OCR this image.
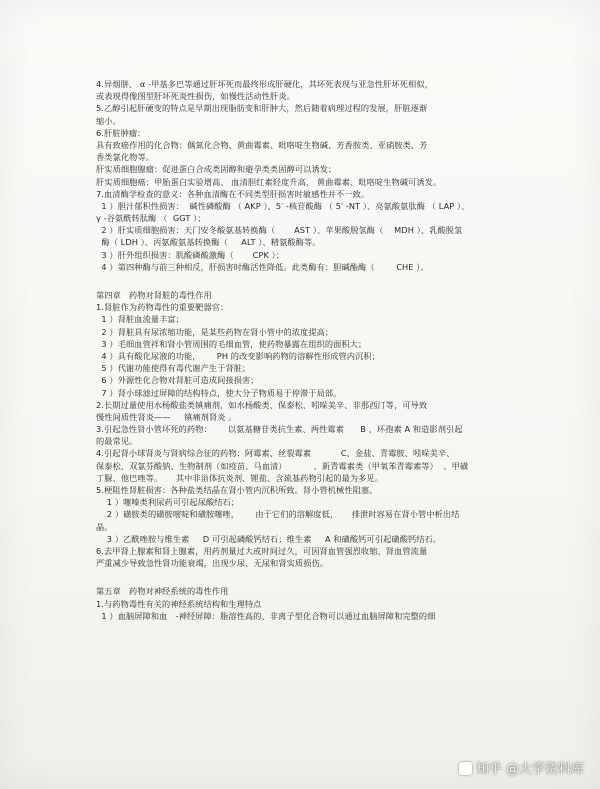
4.异烟肼、 α -甲基多巴等通过肝坏死而最终形成肝硬化，其坏死表现与亚急性肝坏死相似，
或表现得像图型肝坏死炎性损伤，如慢性活动性肝炎。
5.乙醇引起肝硬变的特点是早期出现脂肪变和肝肿大，然后随着病理过程的发展，肝脏逐渐
缩小。
6.肝脏肿瘤：
具有致癌作用的化合物：偶氮化合物、黄曲霉素、吡咯啶生物碱、芳香胺类、亚硝胺类、芳
香类氯化物等。
肝实质细胞腺瘤：促进蛋白合成类固醇和避孕类类固醇可以诱发；
肝实质细胞癌：甲胎蛋白实验增高、 血清胆红素轻度升高， 黄曲霉素、吡咯啶生物碱可诱发。
7.血清酶学检查的意义：各种血清酶在不同类型肝损害时敏感性并不一致。
1 ）胆汁郁积性损害：  碱性磷酸酶 （ AKP ）、5′ -核苷酸酶 （ 5′ -NT ）、亮氨酸氨肽酶 （ LAP ）、
γ -谷氨酰转肽酶 （  GGT ）；
2 ）肝实质细胞损害：天门安冬酸氨基转换酶（       AST ）、苹果酸脱氢酶（    MDH ）、乳酸脱氢
酶（ LDH ）、丙氨酸氨基转换酶（     ALT ）、精氨酸酶等。
3 ）肝外组织损害：肌酸磷酸激酶（       CPK ）；
4 ）第四种酶与前三种相反，肝损害时酶活性降低。此类酶有：胆碱酯酶（        CHE ）。
第四章   药物对肾脏的毒性作用
1.肾脏作为药物毒性的重要靶器官：
1 ）肾脏血流量丰富；
2 ）肾脏具有尿浓缩功能，是某些药物在肾小管中的浓度提高；
3 ）毛细血管祥和肾小管周围的毛细血管，使药物暴露在组织的面积大；
4 ）具有酸化尿液的功能，      PH 的改变影响药物的溶解性形成管内沉积；
5 ）代谢功能使得有毒代谢产生于肾脏；
6 ）外源性化合物对肾脏可造成间接损害；
7 ）肾小球滤过屏障的结构特点，使大分子物质易于停滞于局部。
2.长期过量使用水杨酸盐类镇痛剂，如水杨酸类、保泰松、吲哚美辛、非那西汀等，可导致
慢性间质性肾炎——     镇痛剂肾炎 。
3.引起急性肾小管坏死的药物：      以氨基糖苷类抗生素、两性霉素      B 、环孢素 A 和造影剂引起
的最常见。
4.引起肾小球肾炎与肾病综合征的药物：阿霉素、丝裂霉素           C、金盐、青霉胺、吲哚美辛、
保泰松、双氯芬酸钠、生物制剂（如疫苗、马血清）          、新青霉素类（甲氧苯青霉素等）  、甲磺
丁脲、他巴唑等。     其中非甾体抗炎剂、锂盐、含巯基药物引起的最为多见。
5.梗阻性肾脏损害：各种盐类结晶在肾小管内沉积所致。肾小管机械性阻塞。
1 ）噻嗪类利尿药可引起尿酸结石；
2 ）磺胺类的磺胺嘧啶和磺胺噻唑，      由于它们的溶解度低，     排泄时容易在肾小管中析出结
晶。
3 ）乙酰唑胺与维生素     D 可引起磷酸钙结石；维生素     A 和磺酸钙可引起磺酸钙结石。
6.去甲肾上腺素和肾上腺素，用药剂量过大或时间过久，可因肾血管强烈收缩、肾血管流量
严重减少导致急性肾功能衰竭，出现少尿、无尿和肾实质损伤。
第五章   药物对神经系统的毒性作用
1.与药物毒性有关的神经系统结构和生理特点
1 ）血脑屏障和血   -神经屏障：脂溶性高的、非离子型化合物可以通过血脑屏障和完整的细
知乎 @大学资料库
